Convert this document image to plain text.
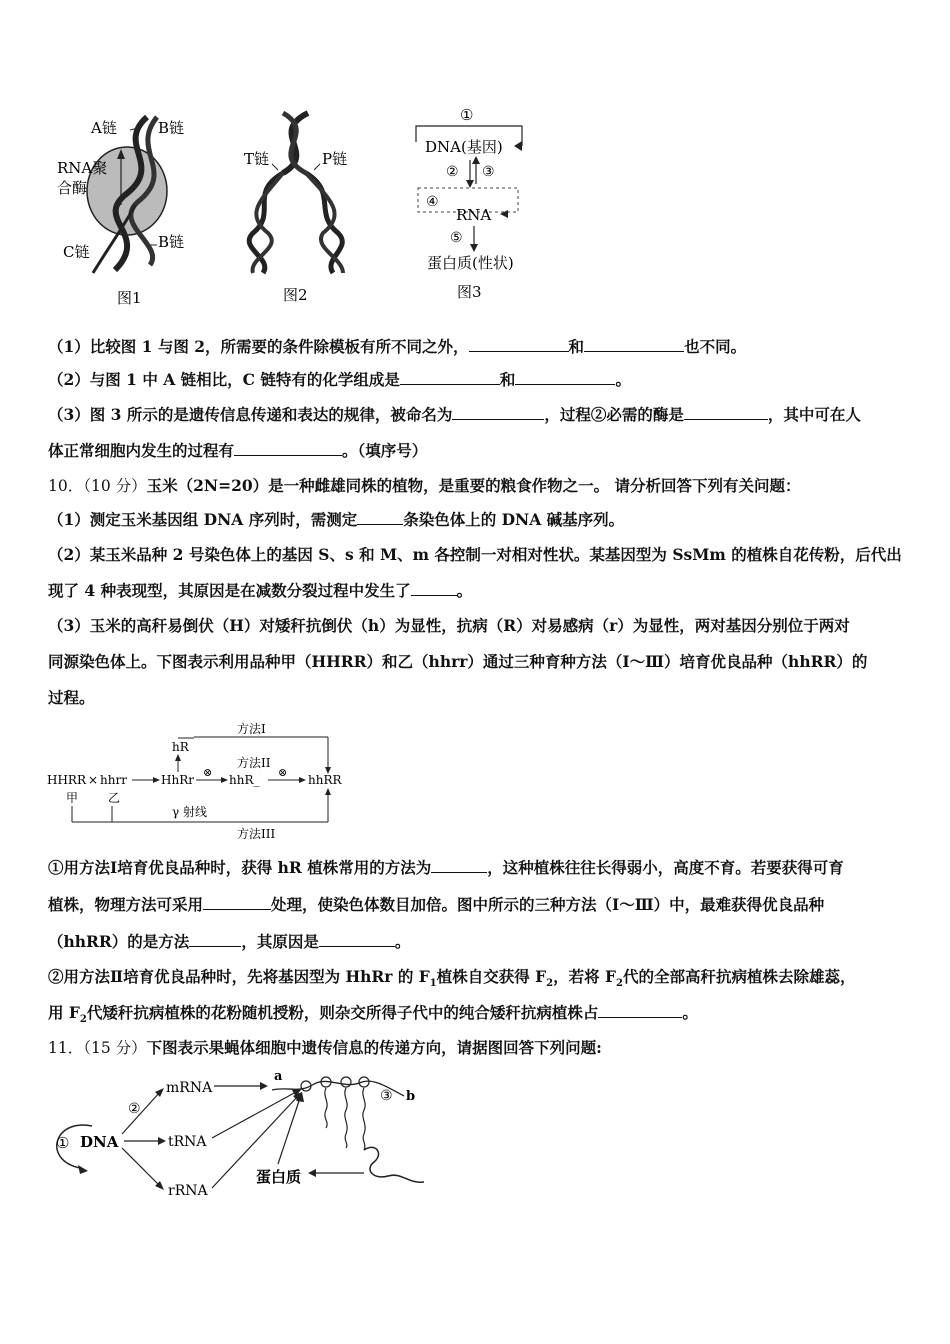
A链	B链
RNA聚
合酶
C链
B链
图1
T链	P链
图2
①
DNA(基因)
② ③
④
RNA
⑤
蛋白质(性状)
图3
（1）比较图 1 与图 2，所需要的条件除模板有所不同之外，	和	也不同。
（2）与图 1 中 A 链相比，C 链特有的化学组成是	和	。
（3）图 3 所示的是遗传信息传递和表达的规律，被命名为	，过程②必需的酶是	，其中可在人
体正常细胞内发生的过程有	。（填序号）
10．（10 分）玉米（2N=20）是一种雌雄同株的植物，是重要的粮食作物之一。 请分析回答下列有关问题：
（1）测定玉米基因组 DNA 序列时，需测定	条染色体上的 DNA 碱基序列。
（2）某玉米品种 2 号染色体上的基因 S、s 和 M、m 各控制一对相对性状。某基因型为 SsMm 的植株自花传粉，后代出
现了 4 种表现型，其原因是在减数分裂过程中发生了	。
（3）玉米的高秆易倒伏（H）对矮秆抗倒伏（h）为显性，抗病（R）对易感病（r）为显性，两对基因分别位于两对
同源染色体上。下图表示利用品种甲（HHRR）和乙（hhrr）通过三种育种方法（Ⅰ～Ⅲ）培育优良品种（hhRR）的
过程。
方法I
hR
方法II
HHRR × hhrr	HhRr
⊗
hhR_
⊗
hhRR
甲 乙
γ 射线
方法III
①用方法Ⅰ培育优良品种时，获得 hR 植株常用的方法为	，这种植株往往长得弱小，高度不育。若要获得可育
植株，物理方法可采用	处理，使染色体数目加倍。图中所示的三种方法（Ⅰ～Ⅲ）中，最难获得优良品种
（hhRR）的是方法	，其原因是	。
②用方法Ⅱ培育优良品种时，先将基因型为 HhRr 的 $F_1$植株自交获得 $F_2$，若将 $F_2$代的全部高秆抗病植株去除雄蕊，
用 $F_2$代矮秆抗病植株的花粉随机授粉，则杂交所得子代中的纯合矮秆抗病植株占	。
11．（15 分）下图表示果蝇体细胞中遗传信息的传递方向，请据图回答下列问题:
① DNA
②
mRNA
tRNA
rRNA
a
③ b
蛋白质
